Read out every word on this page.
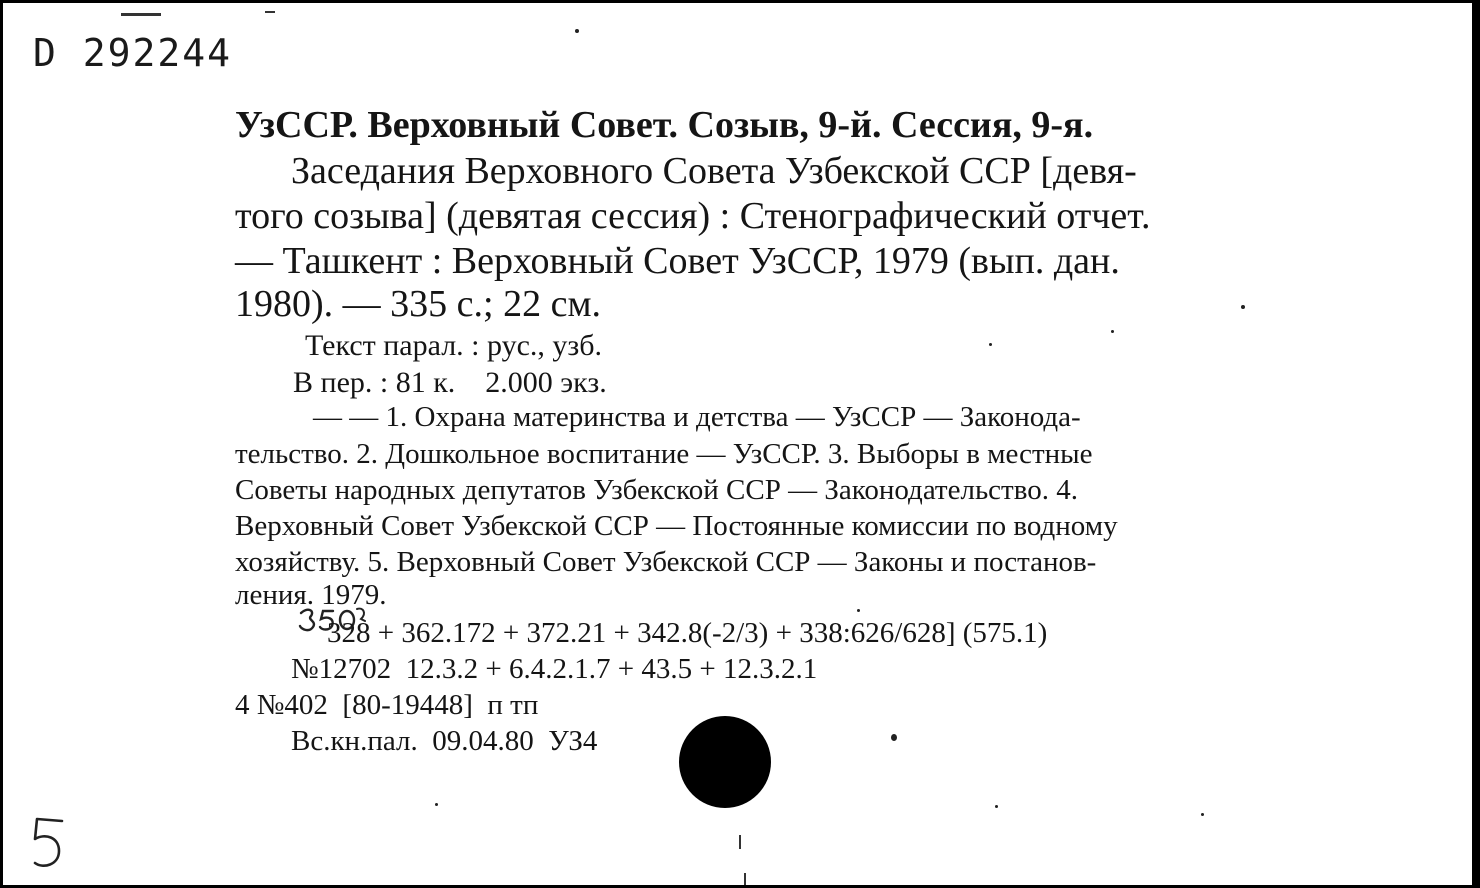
D 292244

УзССР. Верховный Совет. Созыв, 9-й. Сессия, 9-я.

Заседания Верховного Совета Узбекской ССР [девя-

того созыва] (девятая сессия) : Стенографический отчет.

— Ташкент : Верховный Совет УзССР, 1979 (вып. дан.

1980). — 335 с.; 22 см.

Текст парал. : рус., узб.

В пер. : 81 к.    2.000 экз.

— — 1. Охрана материнства и детства — УзССР — Законода-

тельство. 2. Дошкольное воспитание — УзССР. 3. Выборы в местные

Советы народных депутатов Узбекской ССР — Законодательство. 4.

Верховный Совет Узбекской ССР — Постоянные комиссии по водному

хозяйству. 5. Верховный Совет Узбекской ССР — Законы и постанов-

ления. 1979.

328 + 362.172 + 372.21 + 342.8(-2/3) + 338:626/628] (575.1)

№12702  12.3.2 + 6.4.2.1.7 + 43.5 + 12.3.2.1

4 №402  [80-19448]  п тп

Вс.кн.пал.  09.04.80  УЗ4
